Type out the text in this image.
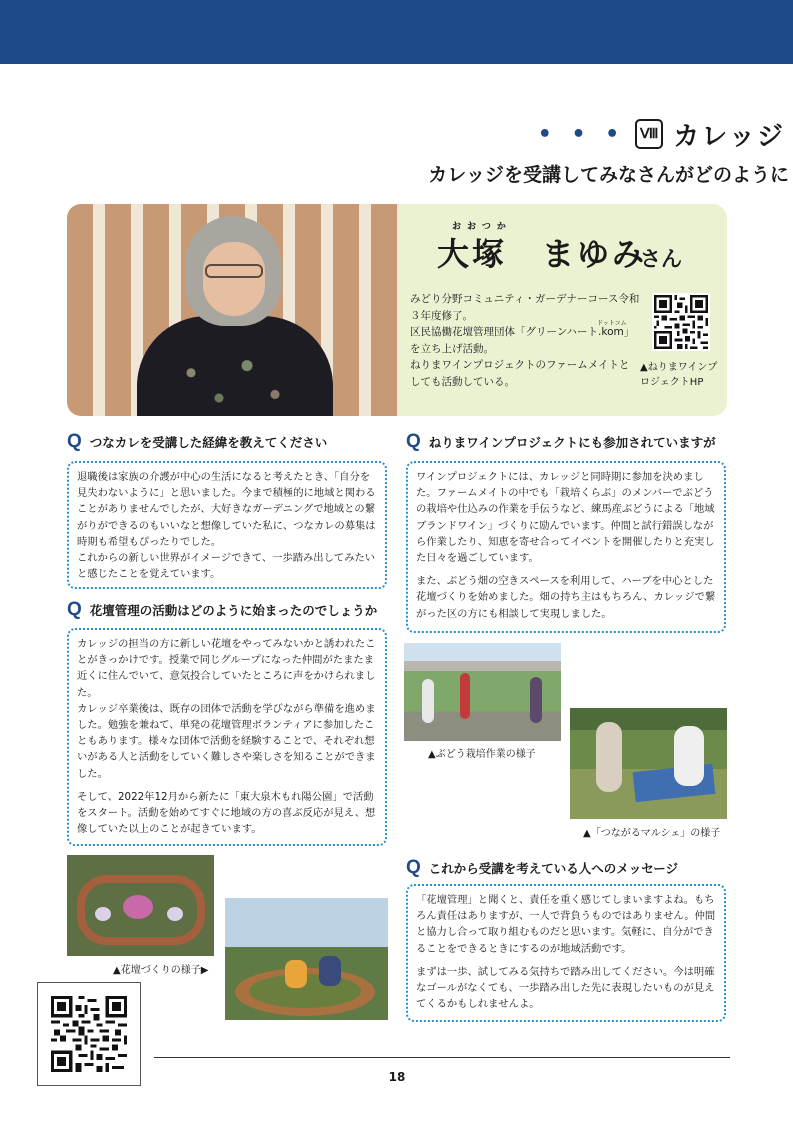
• • •	Ⅷ カレッジ
カレッジを受講してみなさんがどのように
おおつか
大塚　まゆみ
さん
ドットコム

みどり分野コミュニティ・ガーデナーコース令和３年度修了。

区民協働花壇管理団体「グリーンハート.kom」を立ち上げ活動。

ねりまワインプロジェクトのファームメイトとしても活動している。

▲ねりまワインプロジェクトHP
Q つなカレを受講した経緯を教えてください

退職後は家族の介護が中心の生活になると考えたとき、「自分を見失わないように」と思いました。今まで積極的に地域と関わることがありませんでしたが、大好きなガーデニングで地域との繋がりができるのもいいなと想像していた私に、つなカレの募集は時期も希望もぴったりでした。

これからの新しい世界がイメージできて、一歩踏み出してみたいと感じたことを覚えています。

Q 花壇管理の活動はどのように始まったのでしょうか

カレッジの担当の方に新しい花壇をやってみないかと誘われたことがきっかけです。授業で同じグループになった仲間がたまたま近くに住んでいて、意気投合していたところに声をかけられました。

カレッジ卒業後は、既存の団体で活動を学びながら準備を進めました。勉強を兼ねて、単発の花壇管理ボランティアに参加したこともあります。様々な団体で活動を経験することで、それぞれ想いがある人と活動をしていく難しさや楽しさを知ることができました。

そして、2022年12月から新たに「東大泉木もれ陽公園」で活動をスタート。活動を始めてすぐに地域の方の喜ぶ反応が見え、想像していた以上のことが起きています。

Q ねりまワインプロジェクトにも参加されていますが

ワインプロジェクトには、カレッジと同時期に参加を決めました。ファームメイトの中でも「栽培くらぶ」のメンバーでぶどうの栽培や仕込みの作業を手伝うなど、練馬産ぶどうによる「地域ブランドワイン」づくりに励んでいます。仲間と試行錯誤しながら作業したり、知恵を寄せ合ってイベントを開催したりと充実した日々を過ごしています。

また、ぶどう畑の空きスペースを利用して、ハーブを中心とした花壇づくりを始めました。畑の持ち主はもちろん、カレッジで繋がった区の方にも相談して実現しました。

▲ぶどう栽培作業の様子
▲「つながるマルシェ」の様子
Q これから受講を考えている人へのメッセージ

「花壇管理」と聞くと、責任を重く感じてしまいますよね。もちろん責任はありますが、一人で背負うものではありません。仲間と協力し合って取り組むものだと思います。気軽に、自分ができることをできるときにするのが地域活動です。

まずは一歩、試してみる気持ちで踏み出してください。今は明確なゴールがなくても、一歩踏み出した先に表現したいものが見えてくるかもしれませんよ。

▲花壇づくりの様子▶
18
